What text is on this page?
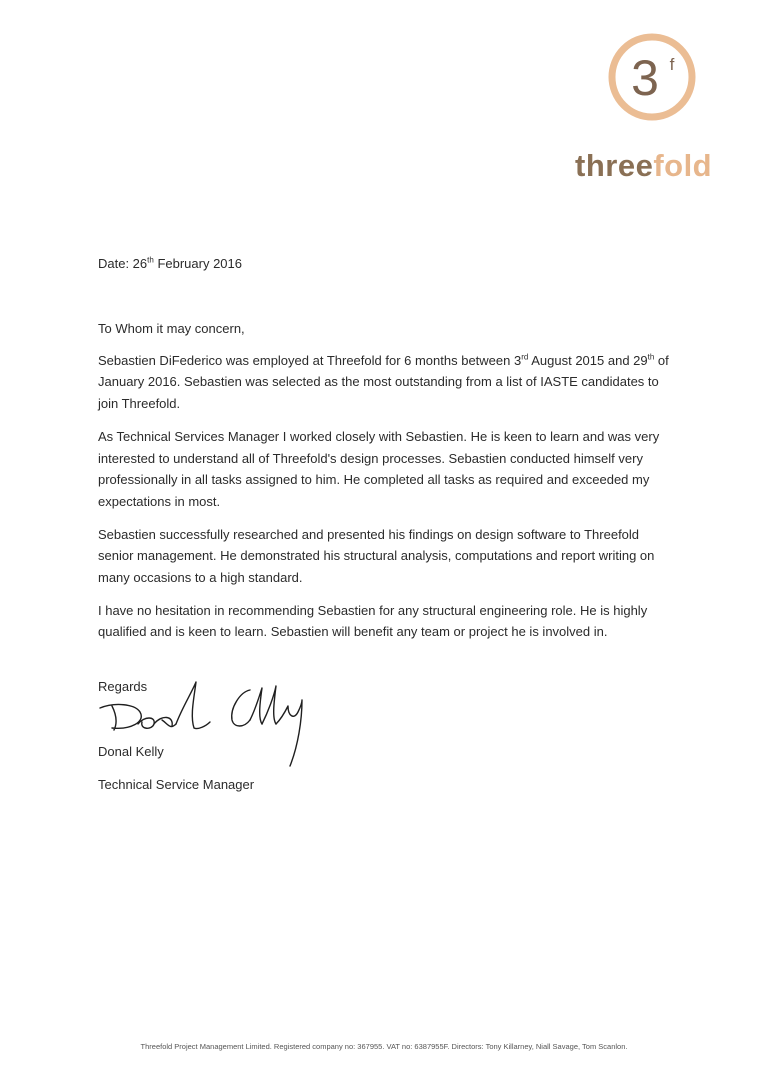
3 f
threefold
Date: 26th February 2016

To Whom it may concern,

Sebastien DiFederico was employed at Threefold for 6 months between 3rd August 2015 and 29th of January 2016. Sebastien was selected as the most outstanding from a list of IASTE candidates to join Threefold.

As Technical Services Manager I worked closely with Sebastien. He is keen to learn and was very interested to understand all of Threefold's design processes. Sebastien conducted himself very professionally in all tasks assigned to him. He completed all tasks as required and exceeded my expectations in most.

Sebastien successfully researched and presented his findings on design software to Threefold senior management. He demonstrated his structural analysis, computations and report writing on many occasions to a high standard.

I have no hesitation in recommending Sebastien for any structural engineering role. He is highly qualified and is keen to learn. Sebastien will benefit any team or project he is involved in.

Regards
Donal Kelly
Technical Service Manager
Threefold Project Management Limited. Registered company no: 367955. VAT no: 6387955F. Directors: Tony Killarney, Niall Savage, Tom Scanlon.
